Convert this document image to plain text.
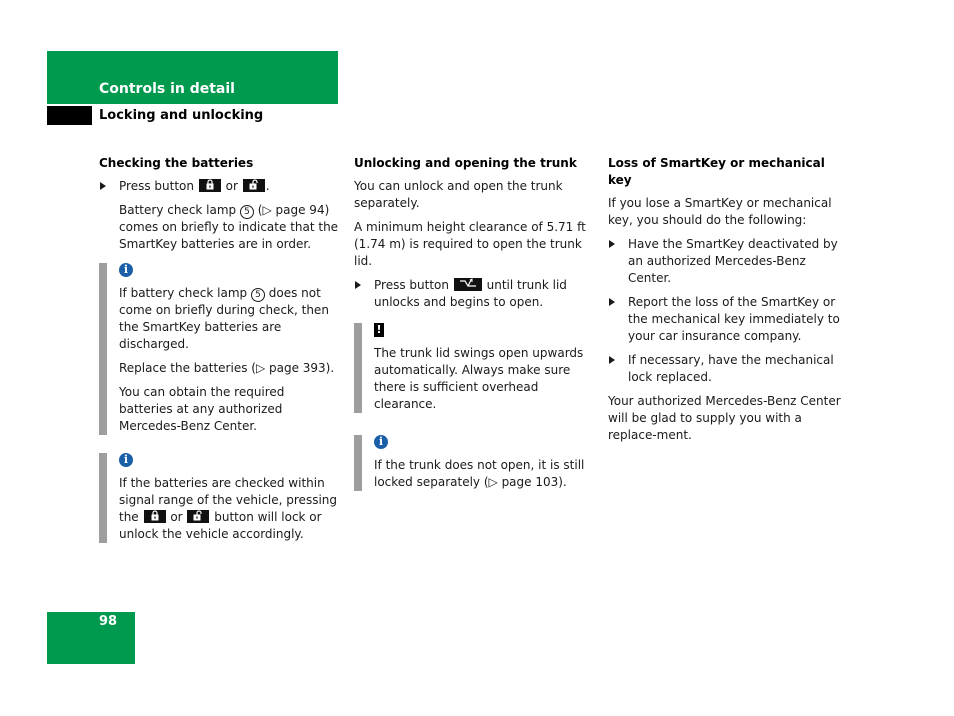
Controls in detail
Locking and unlocking
Checking the batteries
Press button
or
.
Battery check lamp 5 (▷ page 94) comes on briefly to indicate that the SmartKey batteries are in order.
i
If battery check lamp 5 does not come on briefly during check, then the SmartKey batteries are discharged.
Replace the batteries (▷ page 393).
You can obtain the required batteries at any authorized Mercedes-Benz Center.
i
If the batteries are checked within signal range of the vehicle, pressing the
or
button will lock or unlock the vehicle accordingly.
Unlocking and opening the trunk
You can unlock and open the trunk separately.
A minimum height clearance of 5.71 ft (1.74 m) is required to open the trunk lid.
Press button	until trunk lid unlocks and begins to open.
!
The trunk lid swings open upwards automatically. Always make sure there is sufficient overhead clearance.
i
If the trunk does not open, it is still locked separately (▷ page 103).
Loss of SmartKey or mechanical key
If you lose a SmartKey or mechanical key, you should do the following:
Have the SmartKey deactivated by an authorized Mercedes-Benz Center.
Report the loss of the SmartKey or the mechanical key immediately to your car insurance company.
If necessary, have the mechanical lock replaced.
Your authorized Mercedes-Benz Center will be glad to supply you with a replace-ment.
98
